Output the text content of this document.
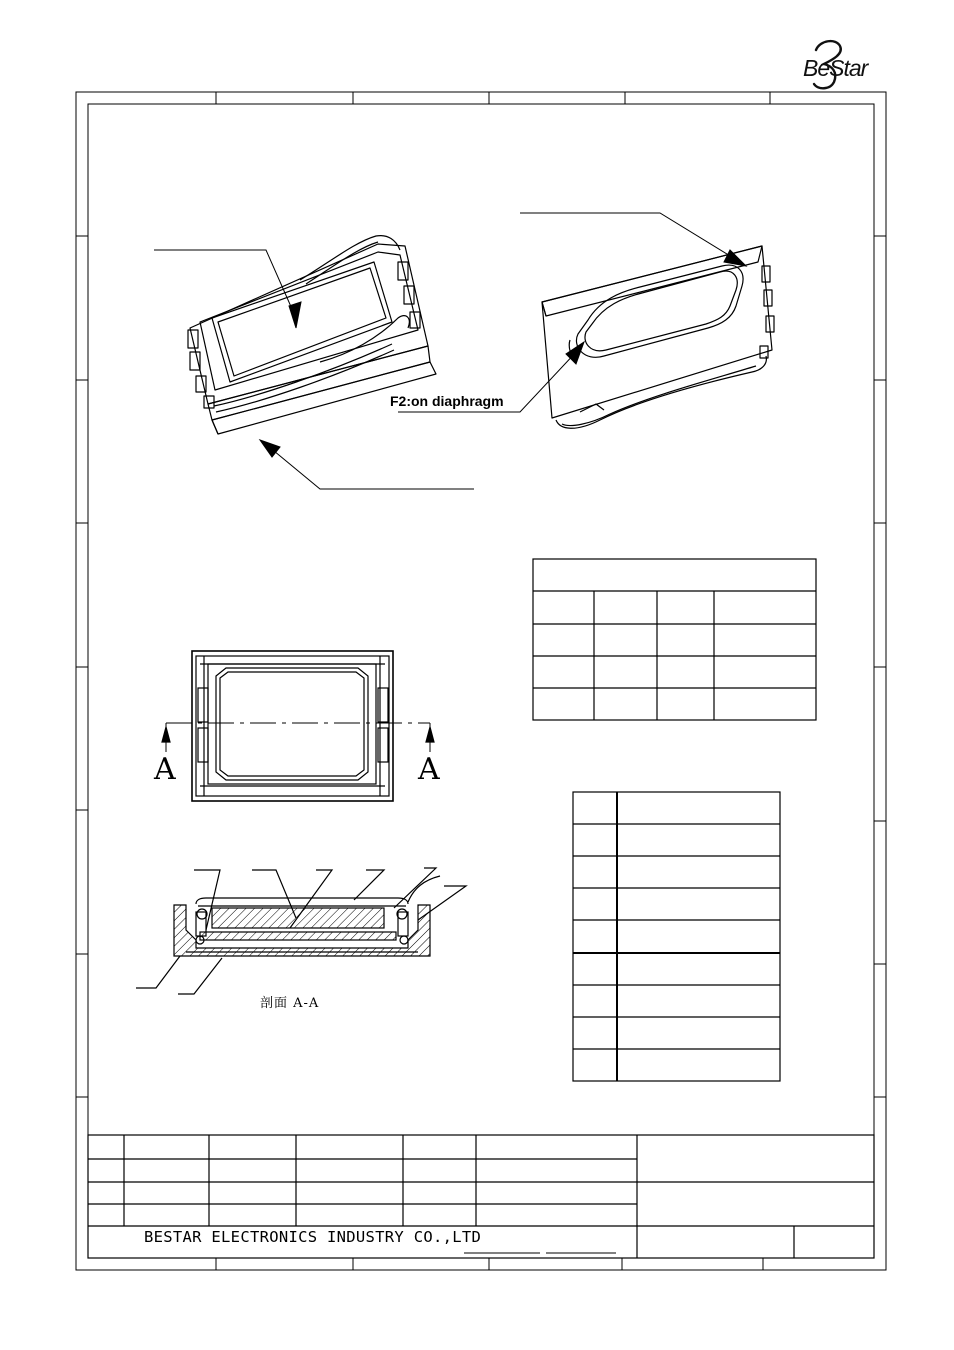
BeStar
F2:on diaphragm
A	A
剖面 A-A
BESTAR ELECTRONICS INDUSTRY CO.,LTD
